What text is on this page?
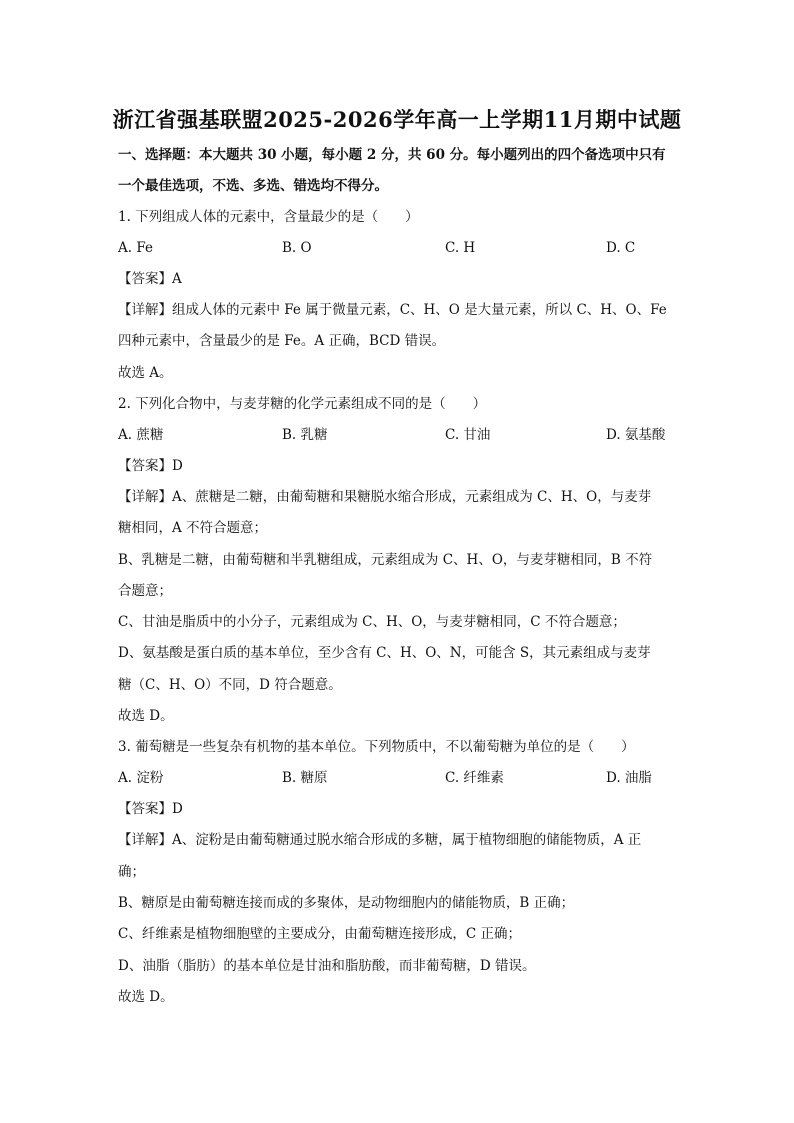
浙江省强基联盟2025-2026学年高一上学期11月期中试题
一、选择题：本大题共 30 小题，每小题 2 分，共 60 分。每小题列出的四个备选项中只有
一个最佳选项，不选、多选、错选均不得分。
1. 下列组成人体的元素中，含量最少的是（　　）
A. Fe	B. O	C. H	D. C
【答案】A
【详解】组成人体的元素中 Fe 属于微量元素，C、H、O 是大量元素，所以 C、H、O、Fe
四种元素中，含量最少的是 Fe。A 正确，BCD 错误。
故选 A。
2. 下列化合物中，与麦芽糖的化学元素组成不同的是（　　）
A. 蔗糖	B. 乳糖	C. 甘油	D. 氨基酸
【答案】D
【详解】A、蔗糖是二糖，由葡萄糖和果糖脱水缩合形成，元素组成为 C、H、O，与麦芽
糖相同，A 不符合题意；
B、乳糖是二糖，由葡萄糖和半乳糖组成，元素组成为 C、H、O，与麦芽糖相同，B 不符
合题意；
C、甘油是脂质中的小分子，元素组成为 C、H、O，与麦芽糖相同，C 不符合题意；
D、氨基酸是蛋白质的基本单位，至少含有 C、H、O、N，可能含 S，其元素组成与麦芽
糖（C、H、O）不同，D 符合题意。
故选 D。
3. 葡萄糖是一些复杂有机物的基本单位。下列物质中，不以葡萄糖为单位的是（　　）
A. 淀粉	B. 糖原	C. 纤维素	D. 油脂
【答案】D
【详解】A、淀粉是由葡萄糖通过脱水缩合形成的多糖，属于植物细胞的储能物质，A 正
确；
B、糖原是由葡萄糖连接而成的多聚体，是动物细胞内的储能物质，B 正确；
C、纤维素是植物细胞壁的主要成分，由葡萄糖连接形成，C 正确；
D、油脂（脂肪）的基本单位是甘油和脂肪酸，而非葡萄糖，D 错误。
故选 D。
